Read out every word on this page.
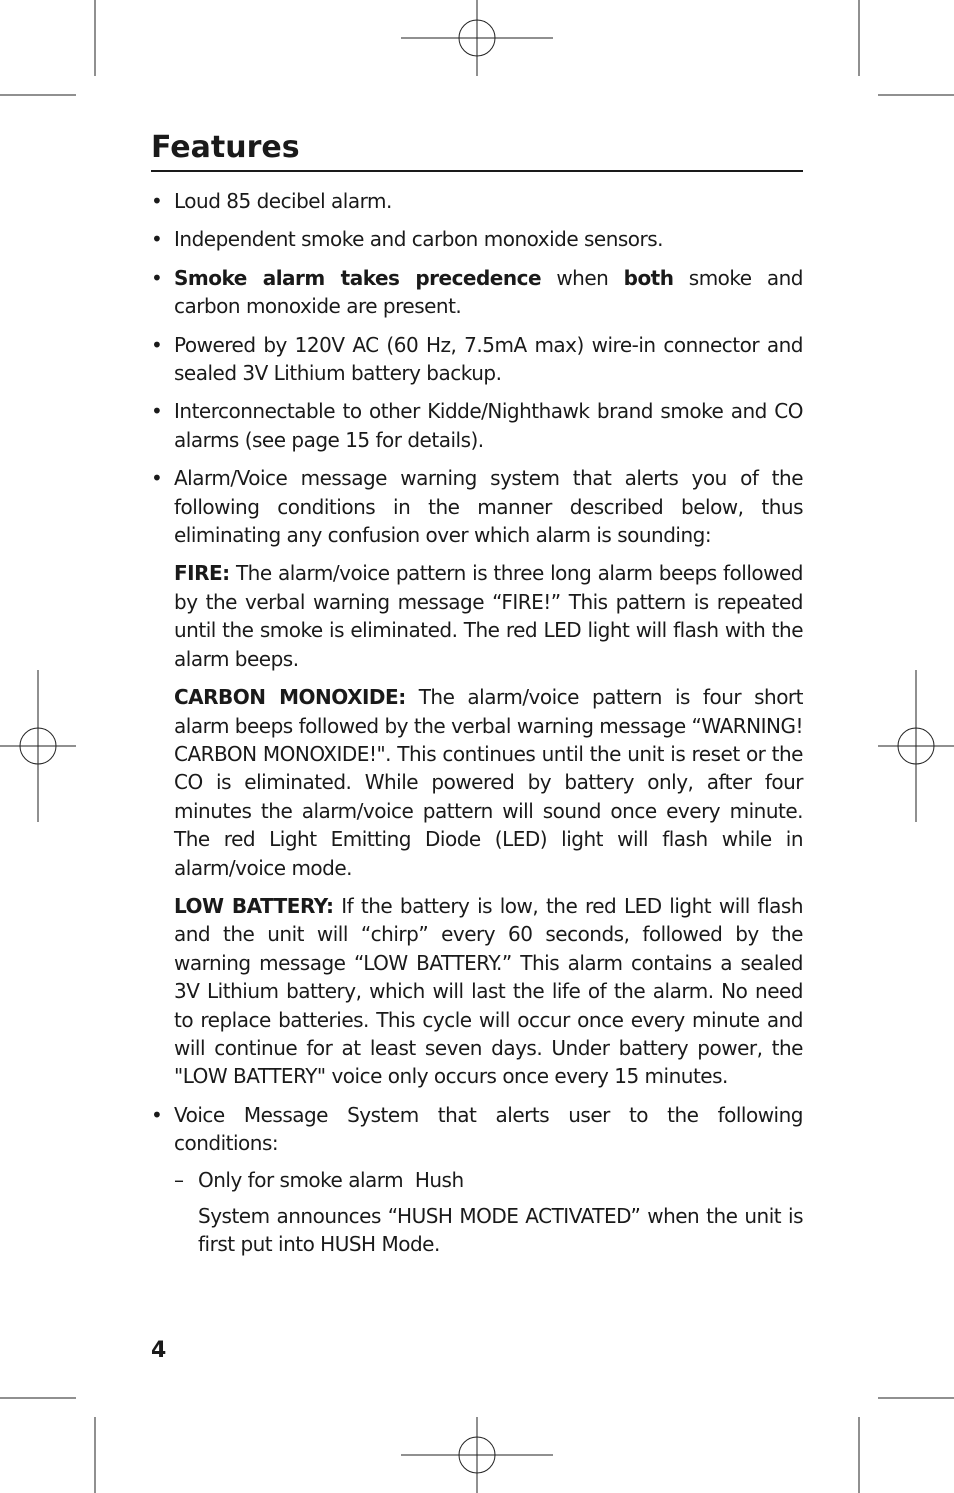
Features
• Loud 85 decibel alarm.
• Independent smoke and carbon monoxide sensors.
• Smoke alarm takes precedence when both smoke and carbon monoxide are present.
• Powered by 120V AC (60 Hz, 7.5mA max) wire-in connector and sealed 3V Lithium battery backup.
• Interconnectable to other Kidde/Nighthawk brand smoke and CO alarms (see page 15 for details).
• Alarm/Voice message warning system that alerts you of the following conditions in the manner described below, thus eliminating any confusion over which alarm is sounding:

FIRE: The alarm/voice pattern is three long alarm beeps followed by the verbal warning message “FIRE!” This pattern is repeated until the smoke is eliminated. The red LED light will flash with the alarm beeps.

CARBON MONOXIDE: The alarm/voice pattern is four short alarm beeps followed by the verbal warning message “WARNING! CARBON MONOXIDE!". This continues until the unit is reset or the CO is eliminated. While powered by battery only, after four minutes the alarm/voice pattern will sound once every minute. The red Light Emitting Diode (LED) light will flash while in alarm/voice mode.

LOW BATTERY: If the battery is low, the red LED light will flash and the unit will “chirp” every 60 seconds, followed by the warning message “LOW BATTERY.” This alarm contains a sealed 3V Lithium battery, which will last the life of the alarm. No need to replace batteries. This cycle will occur once every minute and will continue for at least seven days. Under battery power, the "LOW BATTERY" voice only occurs once every 15 minutes.

• Voice Message System that alerts user to the following conditions:
– Only for smoke alarm  Hush
System announces “HUSH MODE ACTIVATED” when the unit is first put into HUSH Mode.
4
